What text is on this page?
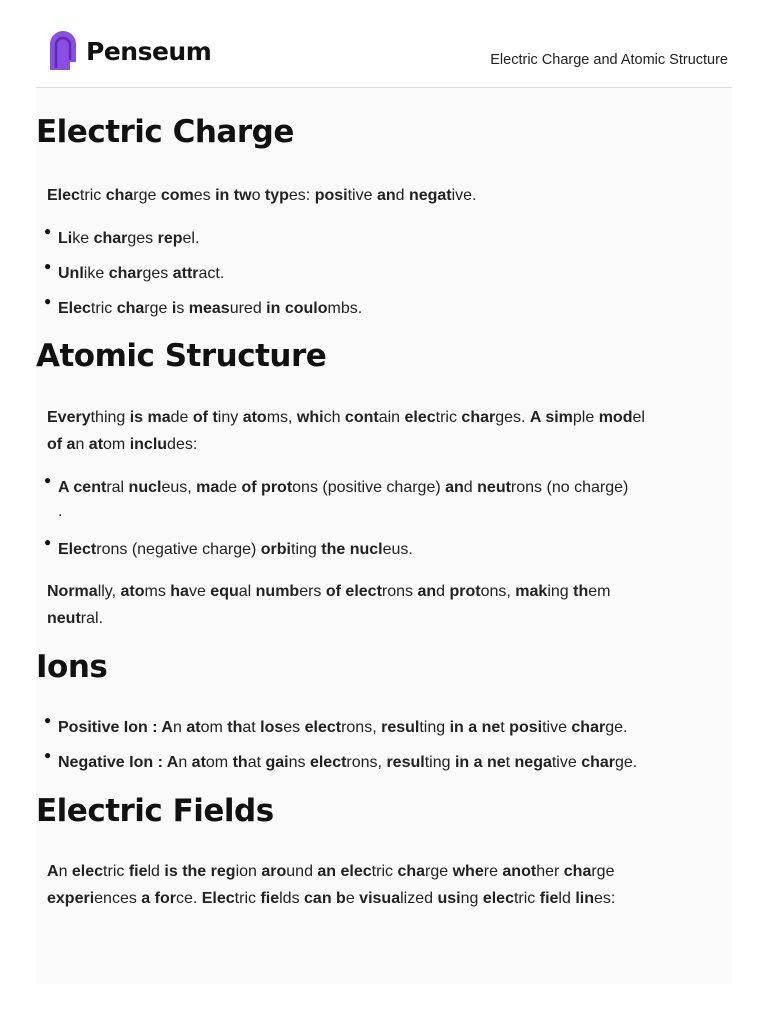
Penseum	Electric Charge and Atomic Structure
Electric Charge
Electric charge comes in two types: positive and negative.
● Like charges repel.
● Unlike charges attract.
● Electric charge is measured in coulombs.
Atomic Structure
Everything is made of tiny atoms, which contain electric charges. A simple model
of an atom includes:
● A central nucleus, made of protons (positive charge) and neutrons (no charge)
.
● Electrons (negative charge) orbiting the nucleus.
Normally, atoms have equal numbers of electrons and protons, making them
neutral.
Ions
● Positive Ion : An atom that loses electrons, resulting in a net positive charge.
● Negative Ion : An atom that gains electrons, resulting in a net negative charge.
Electric Fields
An electric field is the region around an electric charge where another charge
experiences a force. Electric fields can be visualized using electric field lines:
